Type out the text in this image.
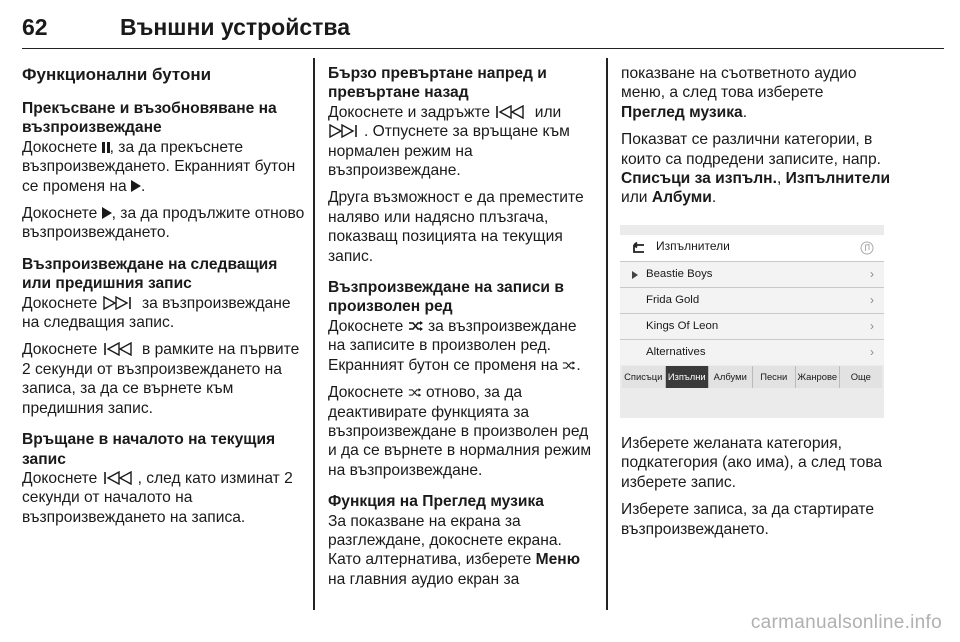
62	Външни устройства
Функционални бутони
Прекъсване и възобновяване на възпроизвеждане

Докоснете , за да прекъснете възпроизвеждането. Екранният бутон се променя на .

Докоснете , за да продължите отново възпроизвеждането.

Възпроизвеждане на следващия или предишния запис

Докоснете  за възпроизвеждане на следващия запис.

Докоснете  в рамките на първите 2 секунди от възпроизвеждането на записа, за да се върнете към предишния запис.

Връщане в началото на текущия запис

Докоснете , след като изминат 2 секунди от началото на възпроизвеждането на записа.

Бързо превъртане напред и превъртане назад

Докоснете и задръжте  или . Отпуснете за връщане към нормален режим на възпроизвеждане.

Друга възможност е да преместите наляво или надясно плъзгача, показващ позицията на текущия запис.

Възпроизвеждане на записи в произволен ред

Докоснете  за възпроизвеждане на записите в произволен ред. Екранният бутон се променя на .

Докоснете  отново, за да деактивирате функцията за възпроизвеждане в произволен ред и да се върнете в нормалния режим на възпроизвеждане.

Функция на Преглед музика

За показване на екрана за разглеждане, докоснете екрана. Като алтернатива, изберете Меню на главния аудио екран за

показване на съответното аудио меню, а след това изберете Преглед музика.

Показват се различни категории, в които са подредени записите, напр. Списъци за изпълн., Изпълнители или Албуми.

Изпълнители
Beastie Boys	›
Frida Gold	›
Kings Of Leon	›
Alternatives	›
Списъци Изпълни Албуми	Песни	Жанрове	Още

Изберете желаната категория, подкатегория (ако има), а след това изберете запис.

Изберете записа, за да стартирате възпроизвеждането.

carmanualsonline.info
